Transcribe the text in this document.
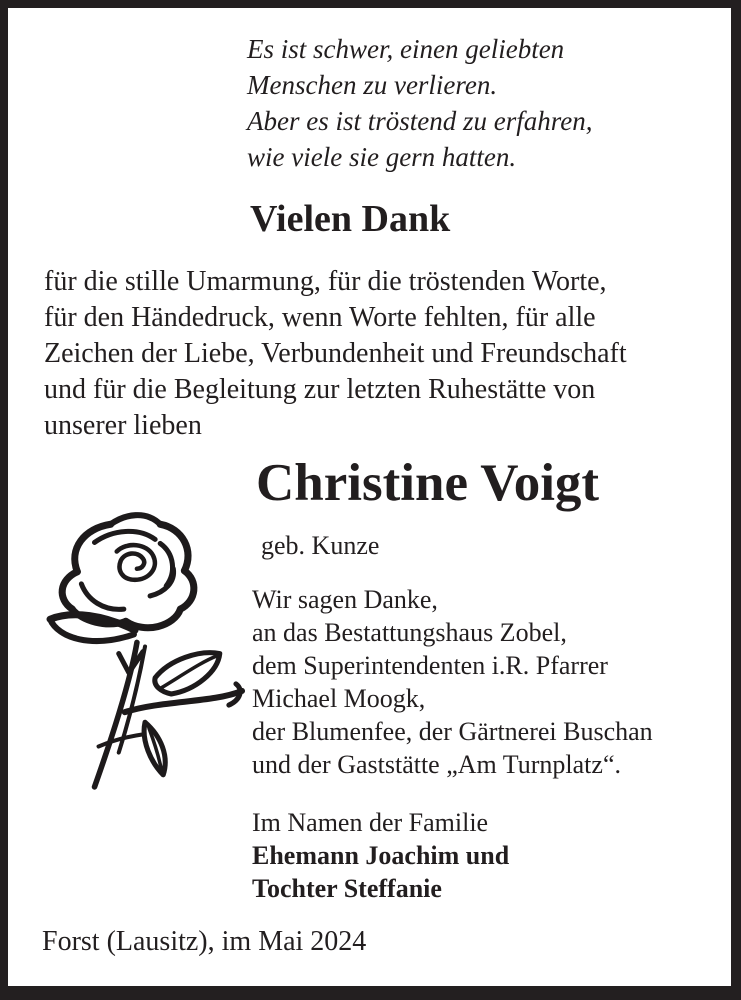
Es ist schwer, einen geliebten
Menschen zu verlieren.
Aber es ist tröstend zu erfahren,
wie viele sie gern hatten.
Vielen Dank
für die stille Umarmung, für die tröstenden Worte,
für den Händedruck, wenn Worte fehlten, für alle
Zeichen der Liebe, Verbundenheit und Freundschaft
und für die Begleitung zur letzten Ruhestätte von
unserer lieben
Christine Voigt
geb. Kunze
Wir sagen Danke,
an das Bestattungshaus Zobel,
dem Superintendenten i.R. Pfarrer
Michael Moogk,
der Blumenfee, der Gärtnerei Buschan
und der Gaststätte „Am Turnplatz“.
Im Namen der Familie
Ehemann Joachim und
Tochter Steffanie
Forst (Lausitz), im Mai 2024
